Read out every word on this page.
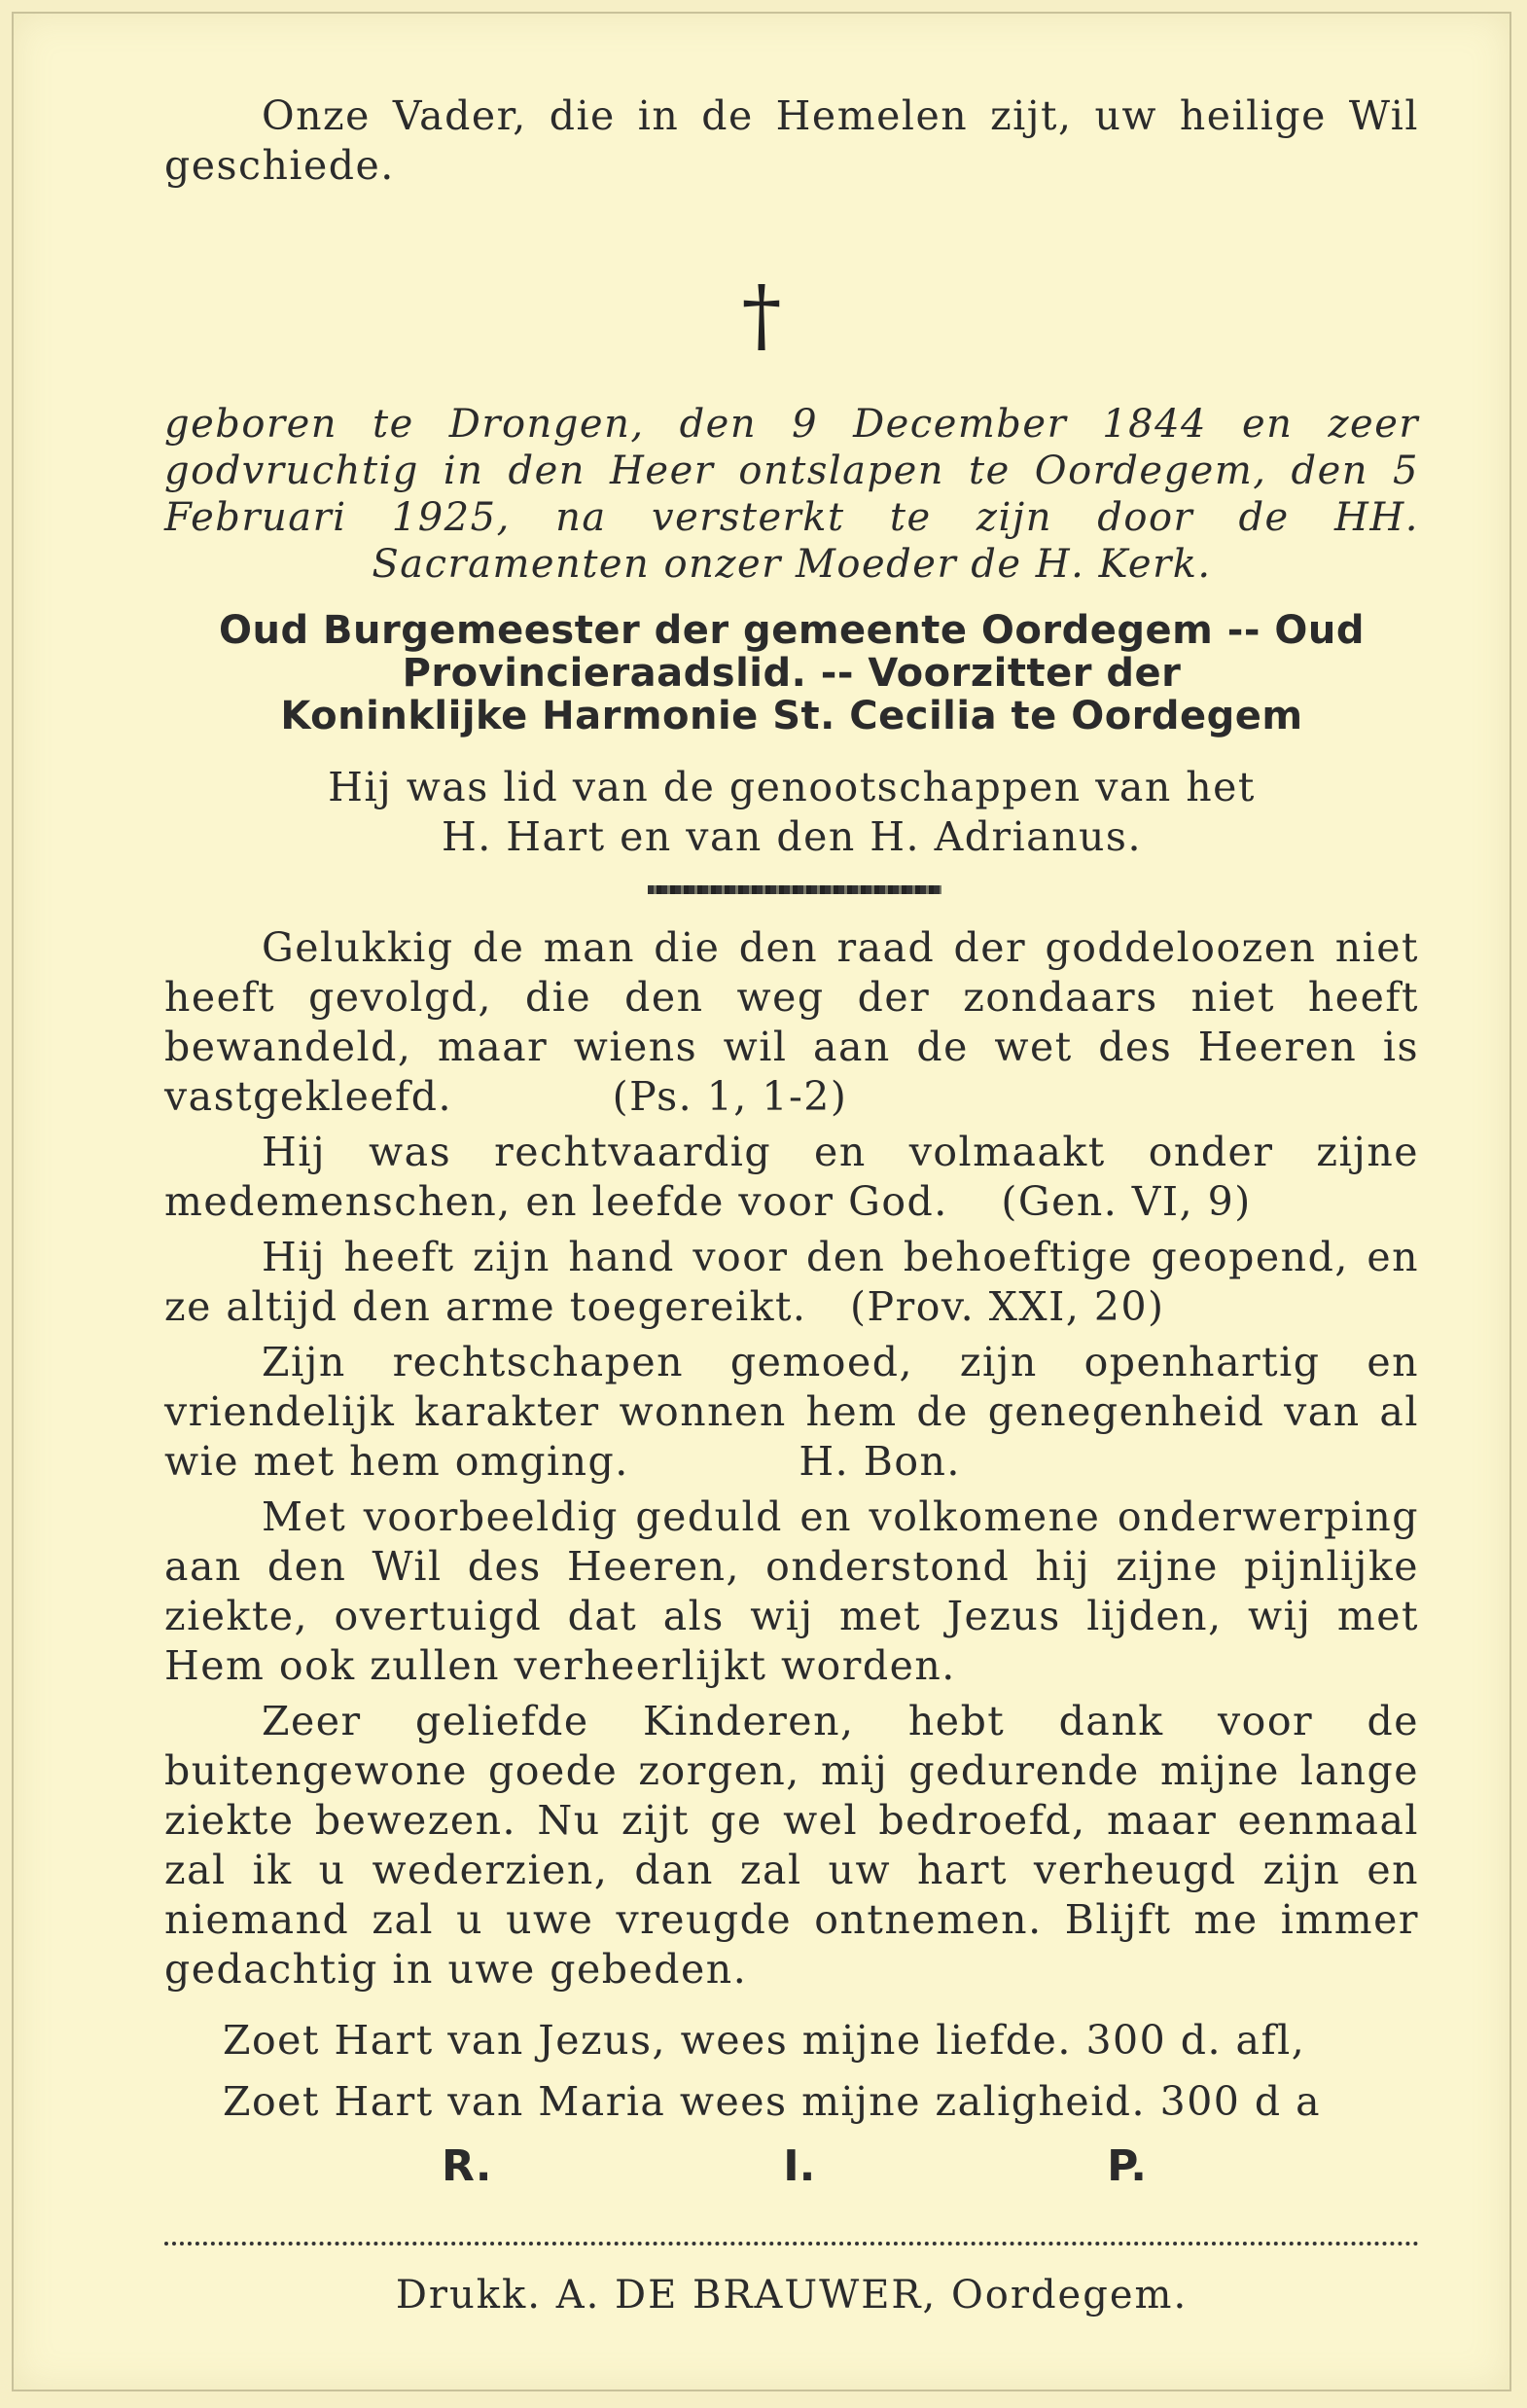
Onze Vader, die in de Hemelen zijt, uw heilige Wil geschiede.
†
geboren te Drongen, den 9 December 1844 en zeer godvruchtig in den Heer ontslapen te Oordegem, den 5 Februari 1925, na versterkt te zijn door de HH. Sacramenten onzer Moeder de H. Kerk.
Oud Burgemeester der gemeente Oordegem -- Oud
Provincieraadslid. -- Voorzitter der
Koninklijke Harmonie St. Cecilia te Oordegem
Hij was lid van de genootschappen van het
H. Hart en van den H. Adrianus.
Gelukkig de man die den raad der goddeloozen niet heeft gevolgd, die den weg der zondaars niet heeft bewandeld, maar wiens wil aan de wet des Heeren is vastgekleefd.	(Ps. 1, 1-2)
Hij was rechtvaardig en volmaakt onder zijne medemenschen, en leefde voor God. (Gen. VI, 9)
Hij heeft zijn hand voor den behoeftige geopend, en ze altijd den arme toegereikt. (Prov. XXI, 20)
Zijn rechtschapen gemoed, zijn openhartig en vriendelijk karakter wonnen hem de genegenheid van al wie met hem omging.	H. Bon.
Met voorbeeldig geduld en volkomene onderwerping aan den Wil des Heeren, onderstond hij zijne pijnlijke ziekte, overtuigd dat als wij met Jezus lijden, wij met Hem ook zullen verheerlijkt worden.
Zeer geliefde Kinderen, hebt dank voor de buitengewone goede zorgen, mij gedurende mijne lange ziekte bewezen. Nu zijt ge wel bedroefd, maar eenmaal zal ik u wederzien, dan zal uw hart verheugd zijn en niemand zal u uwe vreugde ontnemen. Blijft me immer gedachtig in uwe gebeden.
Zoet Hart van Jezus, wees mijne liefde. 300 d. afl,
Zoet Hart van Maria wees mijne zaligheid. 300 d a
R.	I.	P.
Drukk. A. DE BRAUWER, Oordegem.
